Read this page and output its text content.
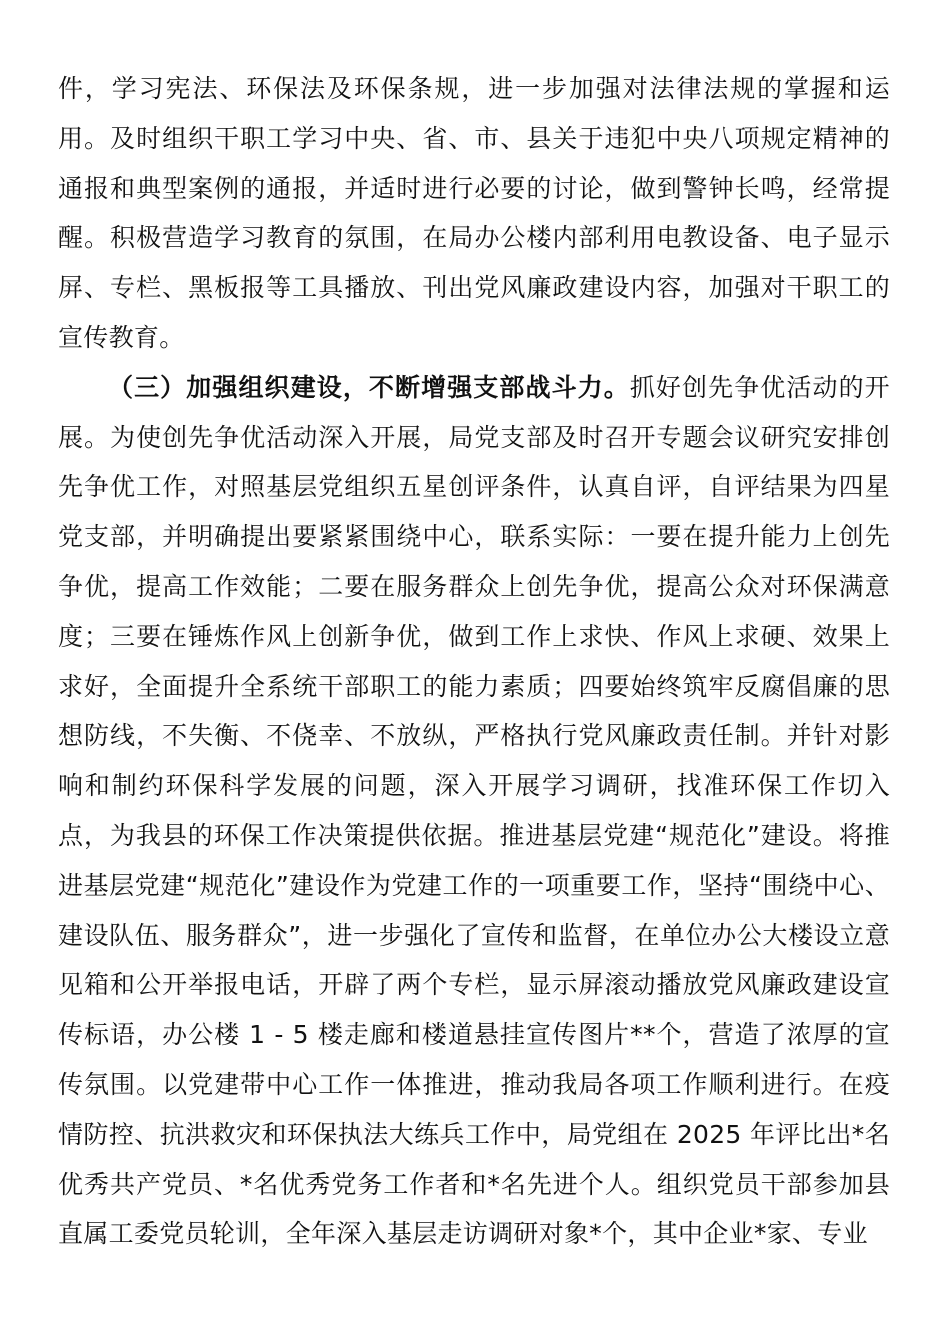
件，学习宪法、环保法及环保条规，进一步加强对法律法规的掌握和运用。及时组织干职工学习中央、省、市、县关于违犯中央八项规定精神的通报和典型案例的通报，并适时进行必要的讨论，做到警钟长鸣，经常提醒。积极营造学习教育的氛围，在局办公楼内部利用电教设备、电子显示屏、专栏、黑板报等工具播放、刊出党风廉政建设内容，加强对干职工的宣传教育。

（三）加强组织建设，不断增强支部战斗力。抓好创先争优活动的开展。为使创先争优活动深入开展，局党支部及时召开专题会议研究安排创先争优工作，对照基层党组织五星创评条件，认真自评，自评结果为四星党支部，并明确提出要紧紧围绕中心，联系实际：一要在提升能力上创先争优，提高工作效能；二要在服务群众上创先争优，提高公众对环保满意度；三要在锤炼作风上创新争优，做到工作上求快、作风上求硬、效果上求好，全面提升全系统干部职工的能力素质；四要始终筑牢反腐倡廉的思想防线，不失衡、不侥幸、不放纵，严格执行党风廉政责任制。并针对影响和制约环保科学发展的问题，深入开展学习调研，找准环保工作切入点，为我县的环保工作决策提供依据。推进基层党建“规范化”建设。将推进基层党建“规范化”建设作为党建工作的一项重要工作，坚持“围绕中心、建设队伍、服务群众”，进一步强化了宣传和监督，在单位办公大楼设立意见箱和公开举报电话，开辟了两个专栏，显示屏滚动播放党风廉政建设宣传标语，办公楼 1 - 5 楼走廊和楼道悬挂宣传图片**个，营造了浓厚的宣传氛围。以党建带中心工作一体推进，推动我局各项工作顺利进行。在疫情防控、抗洪救灾和环保执法大练兵工作中，局党组在 2025 年评比出*名优秀共产党员、*名优秀党务工作者和*名先进个人。组织党员干部参加县直属工委党员轮训，全年深入基层走访调研对象*个，其中企业*家、专业
